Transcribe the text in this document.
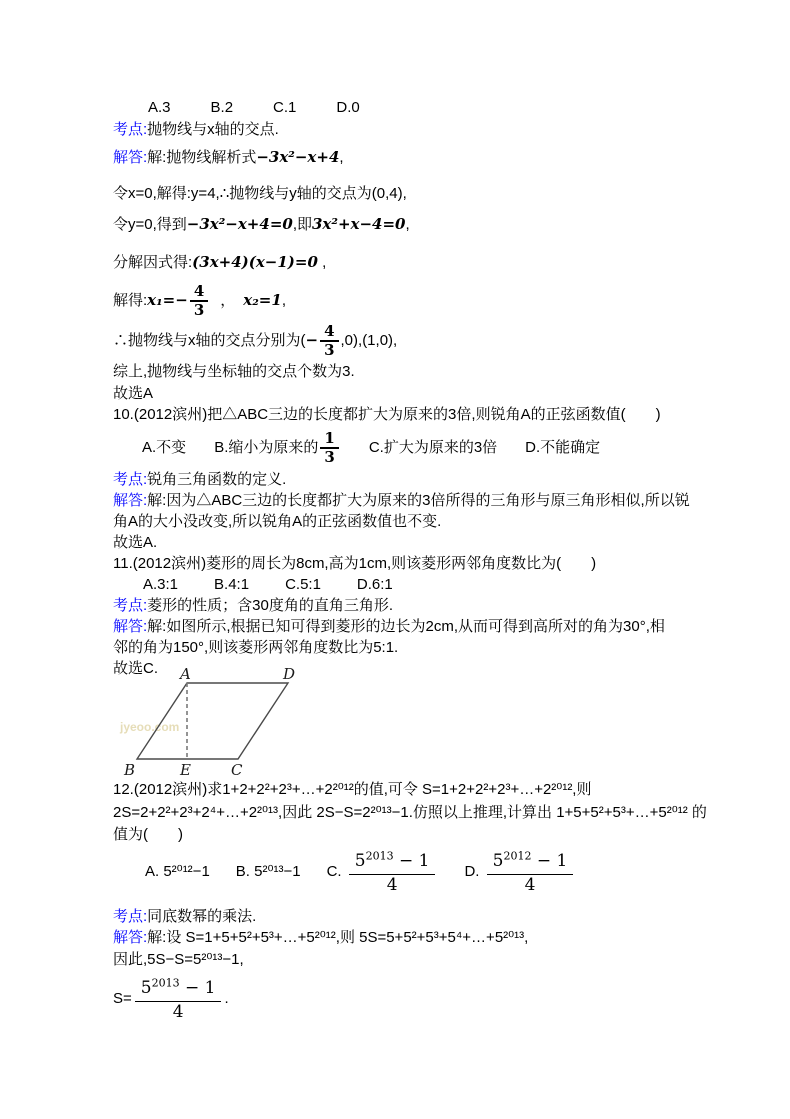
A.3	B.2	C.1	D.0
考点:抛物线与x轴的交点.
解答:解:抛物线解析式−3x²−x+4,
令x=0,解得:y=4,∴抛物线与y轴的交点为(0,4),
令y=0,得到−3x²−x+4=0,即3x²+x−4=0,
分解因式得:(3x+4)(x−1)=0 ,
解得:x₁=− $\frac{4}{3}$ ， x₂=1,
∴抛物线与x轴的交点分别为(− $\frac{4}{3} ,0),(1,0)$,
综上,抛物线与坐标轴的交点个数为3.
故选A
10.(2012滨州)把△ABC三边的长度都扩大为原来的3倍,则锐角A的正弦函数值(　　)
A.不变 B.缩小为原来的 $\frac{1}{3} C$.扩大为原来的3倍 D.不能确定
考点:锐角三角函数的定义.
解答:解:因为△ABC三边的长度都扩大为原来的3倍所得的三角形与原三角形相似,所以锐
角A的大小没改变,所以锐角A的正弦函数值也不变.
故选A.
11.(2012滨州)菱形的周长为8cm,高为1cm,则该菱形两邻角度数比为(　　)
A.3:1 B.4:1 C.5:1 D.6:1
考点:菱形的性质；含30度角的直角三角形.
解答:解:如图所示,根据已知可得到菱形的边长为2cm,从而可得到高所对的角为30°,相
邻的角为150°,则该菱形两邻角度数比为5:1.
故选C.
jyeoo.com
A	D
B	E	C
12.(2012滨州)求1+2+2²+2³+…+2²⁰¹²的值,可令 S=1+2+2²+2³+…+2²⁰¹²,则
2S=2+2²+2³+2⁴+…+2²⁰¹³,因此 2S−S=2²⁰¹³−1.仿照以上推理,计算出 1+5+5²+5³+…+5²⁰¹² 的
值为(　　)
A. 5²⁰¹²−1 B. 5²⁰¹³−1 C. $\frac{5^{2013} - 1}{4} D$. $\frac{5^{2012} - 1}{4}$
考点:同底数幂的乘法.
解答:解:设 S=1+5+5²+5³+…+5²⁰¹²,则 5S=5+5²+5³+5⁴+…+5²⁰¹³,
因此,5S−S=5²⁰¹³−1,
$S= \frac{5^{2013} - 1}{4}$ .
